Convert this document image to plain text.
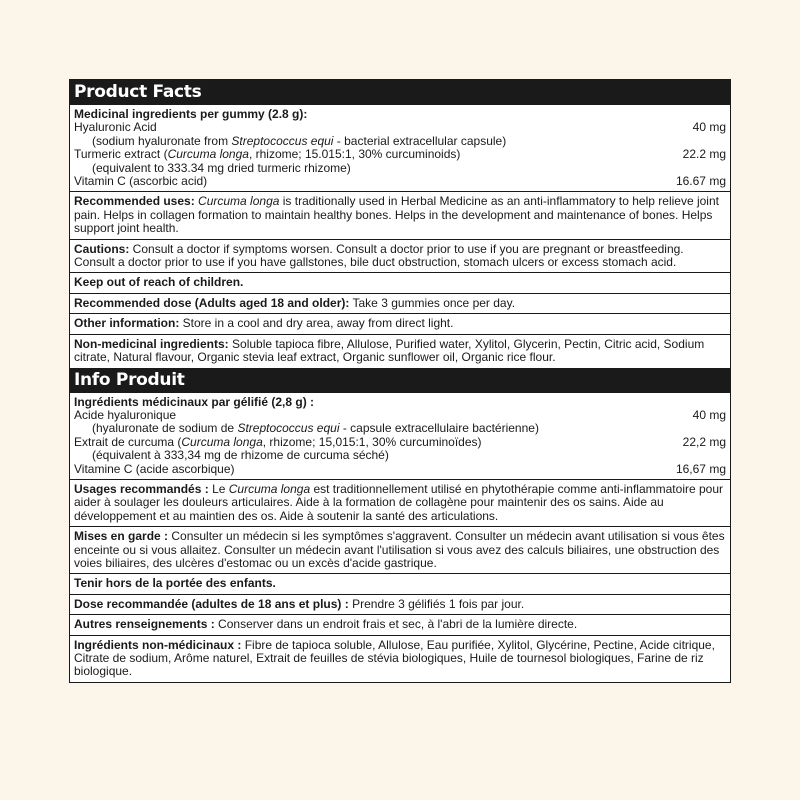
Product Facts
Medicinal ingredients per gummy (2.8 g):
Hyaluronic Acid	40 mg
(sodium hyaluronate from Streptococcus equi - bacterial extracellular capsule)
Turmeric extract (Curcuma longa, rhizome; 15.015:1, 30% curcuminoids)	22.2 mg
(equivalent to 333.34 mg dried turmeric rhizome)
Vitamin C (ascorbic acid)	16.67 mg
Recommended uses: Curcuma longa is traditionally used in Herbal Medicine as an anti-inflammatory to help relieve joint pain. Helps in collagen formation to maintain healthy bones. Helps in the development and maintenance of bones. Helps support joint health.
Cautions: Consult a doctor if symptoms worsen. Consult a doctor prior to use if you are pregnant or breastfeeding. Consult a doctor prior to use if you have gallstones, bile duct obstruction, stomach ulcers or excess stomach acid.
Keep out of reach of children.
Recommended dose (Adults aged 18 and older): Take 3 gummies once per day.
Other information: Store in a cool and dry area, away from direct light.
Non-medicinal ingredients: Soluble tapioca fibre, Allulose, Purified water, Xylitol, Glycerin, Pectin, Citric acid, Sodium citrate, Natural flavour, Organic stevia leaf extract, Organic sunflower oil, Organic rice flour.
Info Produit
Ingrédients médicinaux par gélifié (2,8 g) :
Acide hyaluronique	40 mg
(hyaluronate de sodium de Streptococcus equi - capsule extracellulaire bactérienne)
Extrait de curcuma (Curcuma longa, rhizome; 15,015:1, 30% curcuminoïdes)	22,2 mg
(équivalent à 333,34 mg de rhizome de curcuma séché)
Vitamine C (acide ascorbique)	16,67 mg
Usages recommandés : Le Curcuma longa est traditionnellement utilisé en phytothérapie comme anti-inflammatoire pour aider à soulager les douleurs articulaires. Aide à la formation de collagène pour maintenir des os sains. Aide au développement et au maintien des os. Aide à soutenir la santé des articulations.
Mises en garde : Consulter un médecin si les symptômes s'aggravent. Consulter un médecin avant utilisation si vous êtes enceinte ou si vous allaitez. Consulter un médecin avant l'utilisation si vous avez des calculs biliaires, une obstruction des voies biliaires, des ulcères d'estomac ou un excès d'acide gastrique.
Tenir hors de la portée des enfants.
Dose recommandée (adultes de 18 ans et plus) : Prendre 3 gélifiés 1 fois par jour.
Autres renseignements : Conserver dans un endroit frais et sec, à l'abri de la lumière directe.
Ingrédients non-médicinaux : Fibre de tapioca soluble, Allulose, Eau purifiée, Xylitol, Glycérine, Pectine, Acide citrique, Citrate de sodium, Arôme naturel, Extrait de feuilles de stévia biologiques, Huile de tournesol biologiques, Farine de riz biologique.
